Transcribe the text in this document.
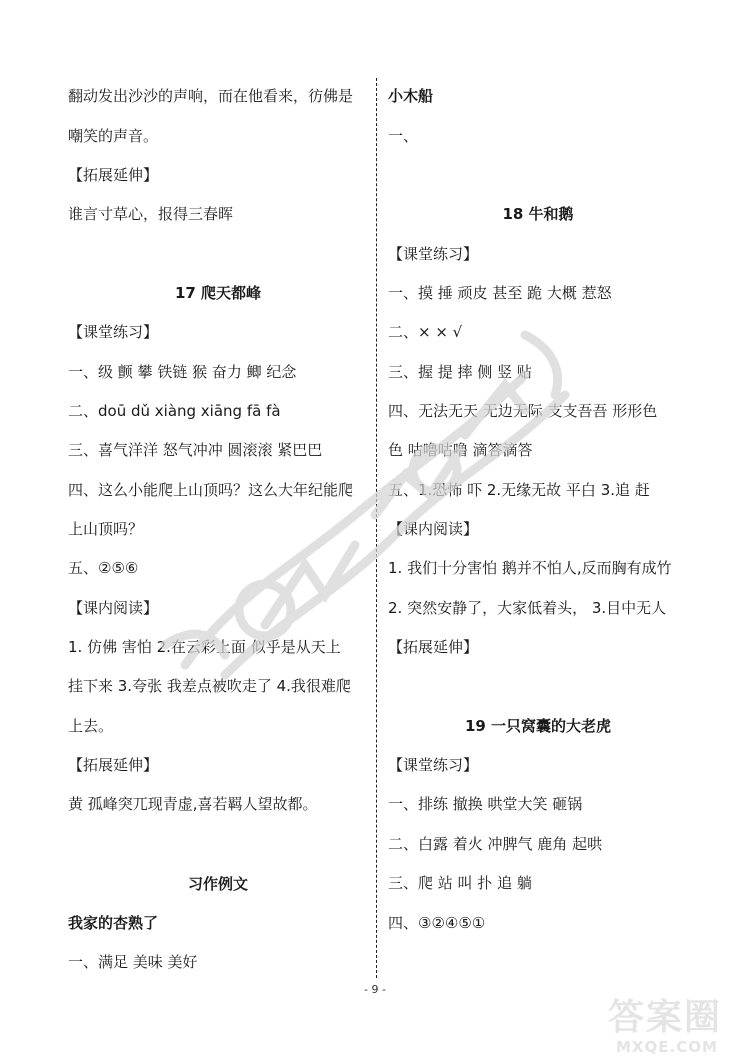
翻动发出沙沙的声响，而在他看来，彷佛是
嘲笑的声音。
【拓展延伸】
谁言寸草心，报得三春晖
17 爬天都峰
【课堂练习】
一、级 颤 攀 铁链 猴 奋力 鲫 纪念
二、doū dǔ xiàng xiāng fā fà
三、喜气洋洋 怒气冲冲 圆滚滚 紧巴巴
四、这么小能爬上山顶吗？这么大年纪能爬
上山顶吗？
五、②⑤⑥
【课内阅读】
1. 仿佛 害怕 2.在云彩上面 似乎是从天上
挂下来 3.夸张 我差点被吹走了 4.我很难爬
上去。
【拓展延伸】
黄 孤峰突兀现青虚,喜若羁人望故都。
习作例文
我家的杏熟了
一、满足 美味 美好
小木船
一、
18 牛和鹅
【课堂练习】
一、摸 捶 顽皮 甚至 跪 大概 惹怒
二、× × √
三、握 提 摔 侧 竖 贴
四、无法无天 无边无际 支支吾吾 形形色
色 咕噜咕噜 滴答滴答
五、1.恐怖 吓 2.无缘无故 平白 3.追 赶
【课内阅读】
1. 我们十分害怕 鹅并不怕人,反而胸有成竹
2. 突然安静了，大家低着头， 3.目中无人
【拓展延伸】
19 一只窝囊的大老虎
【课堂练习】
一、排练 撤换 哄堂大笑 砸锅
二、白露 着火 冲脾气 鹿角 起哄
三、爬 站 叫 扑 追 躺
四、③②④⑤①
- 9 -
答案圈
MXQE.COM
